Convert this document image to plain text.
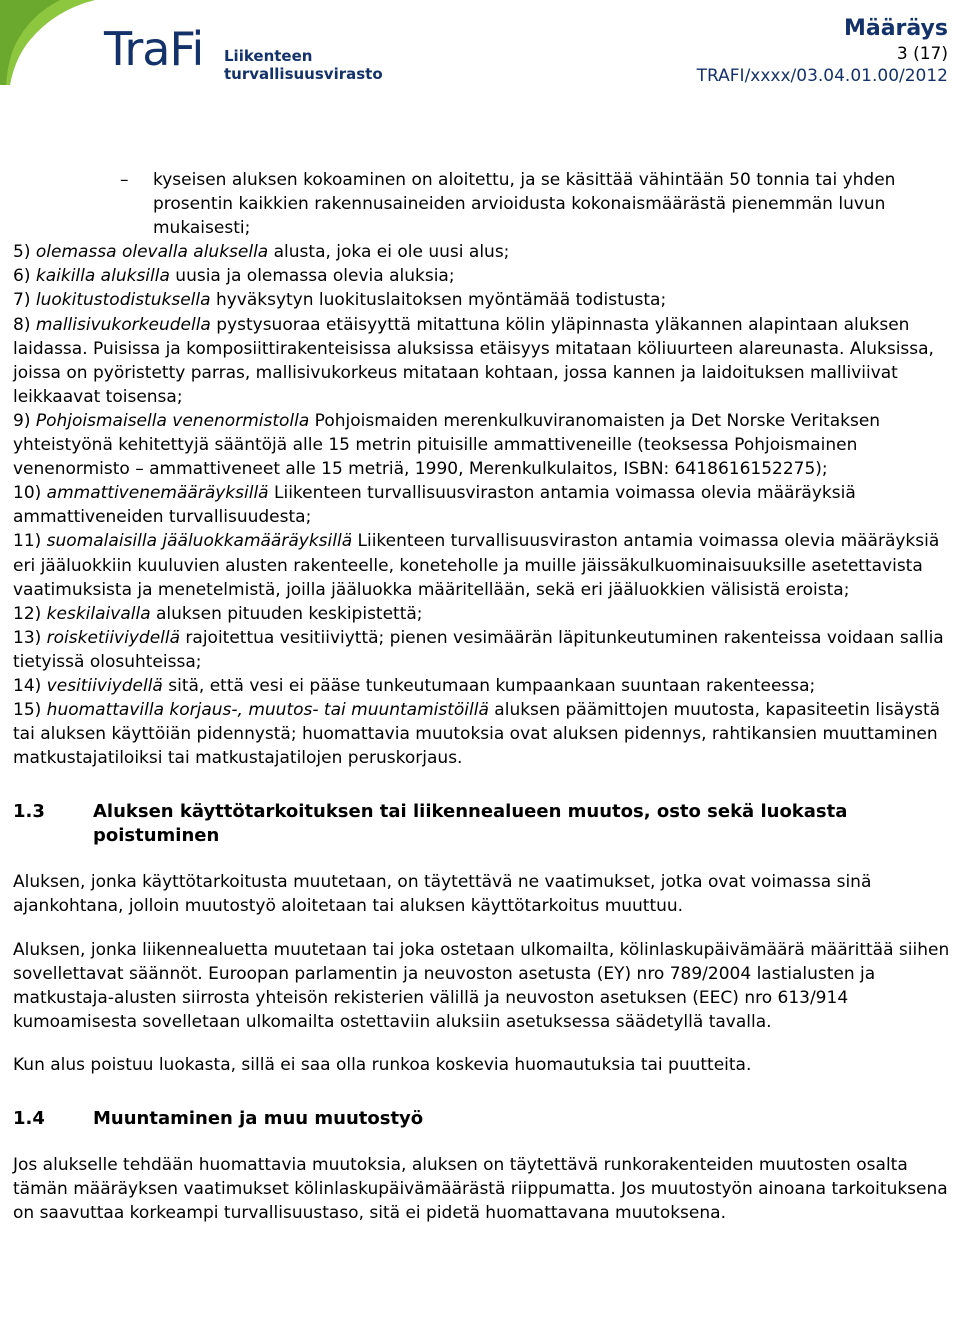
TraFi Liikenteen turvallisuusvirasto
Määräys
3 (17)
TRAFI/xxxx/03.04.01.00/2012

– kyseisen aluksen kokoaminen on aloitettu, ja se käsittää vähintään 50 tonnia tai yhden prosentin kaikkien rakennusaineiden arvioidusta kokonaismäärästä pienemmän luvun mukaisesti;

5) olemassa olevalla aluksella alusta, joka ei ole uusi alus;

6) kaikilla aluksilla uusia ja olemassa olevia aluksia;

7) luokitustodistuksella hyväksytyn luokituslaitoksen myöntämää todistusta;

8) mallisivukorkeudella pystysuoraa etäisyyttä mitattuna kölin yläpinnasta yläkannen alapintaan aluksen laidassa. Puisissa ja komposiittirakenteisissa aluksissa etäisyys mitataan köliuurteen alareunasta. Aluksissa, joissa on pyöristetty parras, mallisivukorkeus mitataan kohtaan, jossa kannen ja laidoituksen malliviivat leikkaavat toisensa;

9) Pohjoismaisella venenormistolla Pohjoismaiden merenkulkuviranomaisten ja Det Norske Veritaksen yhteistyönä kehitettyjä sääntöjä alle 15 metrin pituisille ammattiveneille (teoksessa Pohjoismainen venenormisto – ammattiveneet alle 15 metriä, 1990, Merenkulkulaitos, ISBN: 6418616152275);

10) ammattivenemääräyksillä Liikenteen turvallisuusviraston antamia voimassa olevia määräyksiä ammattiveneiden turvallisuudesta;

11) suomalaisilla jääluokkamääräyksillä Liikenteen turvallisuusviraston antamia voimassa olevia määräyksiä eri jääluokkiin kuuluvien alusten rakenteelle, koneteholle ja muille jäissäkulkuominaisuuksille asetettavista vaatimuksista ja menetelmistä, joilla jääluokka määritellään, sekä eri jääluokkien välisistä eroista;

12) keskilaivalla aluksen pituuden keskipistettä;

13) roisketiiviydellä rajoitettua vesitiiviyttä; pienen vesimäärän läpitunkeutuminen rakenteissa voidaan sallia tietyissä olosuhteissa;

14) vesitiiviydellä sitä, että vesi ei pääse tunkeutumaan kumpaankaan suuntaan rakenteessa;

15) huomattavilla korjaus-, muutos- tai muuntamistöillä aluksen päämittojen muutosta, kapasiteetin lisäystä tai aluksen käyttöiän pidennystä; huomattavia muutoksia ovat aluksen pidennys, rahtikansien muuttaminen matkustajatiloiksi tai matkustajatilojen peruskorjaus.

1.3	Aluksen käyttötarkoituksen tai liikennealueen muutos, osto sekä luokasta poistuminen

Aluksen, jonka käyttötarkoitusta muutetaan, on täytettävä ne vaatimukset, jotka ovat voimassa sinä ajankohtana, jolloin muutostyö aloitetaan tai aluksen käyttötarkoitus muuttuu.

Aluksen, jonka liikennealuetta muutetaan tai joka ostetaan ulkomailta, kölinlaskupäivämäärä määrittää siihen sovellettavat säännöt. Euroopan parlamentin ja neuvoston asetusta (EY) nro 789/2004 lastialusten ja matkustaja-alusten siirrosta yhteisön rekisterien välillä ja neuvoston asetuksen (EEC) nro 613/914 kumoamisesta sovelletaan ulkomailta ostettaviin aluksiin asetuksessa säädetyllä tavalla.

Kun alus poistuu luokasta, sillä ei saa olla runkoa koskevia huomautuksia tai puutteita.

1.4	Muuntaminen ja muu muutostyö

Jos alukselle tehdään huomattavia muutoksia, aluksen on täytettävä runkorakenteiden muutosten osalta tämän määräyksen vaatimukset kölinlaskupäivämäärästä riippumatta. Jos muutostyön ainoana tarkoituksena on saavuttaa korkeampi turvallisuustaso, sitä ei pidetä huomattavana muutoksena.
